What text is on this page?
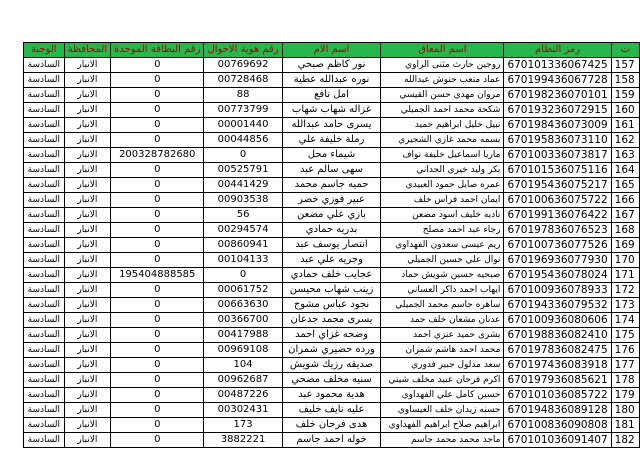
ت	رمز النظام	اسم المعاق	اسم الام	رقم هوية الاحوال	رقم البطاقة الموحدة	المحافظة	الوجبة
157	670101336067425	روجين حارث مثنى الراوي	نور كاظم صبحي	00769692	0	الانبار	السادسة
158	670199436067728	عماد متعب حنوش عبدالله	نوره عبدالله عطية	00728468	0	الانبار	السادسة
159	670198236070101	مروان مهدي حسن القيسي	امل نافع	88	0	الانبار	السادسة
160	670193236072915	شكحة محمد احمد الجميلي	غزاله شهاب شهاب	00773799	0	الانبار	السادسة
161	670198436073009	نبيل خليل ابراهيم حميد	يسرى حامد عبدالله	00001440	0	الانبار	السادسة
162	670195836073110	بسمه محمد غازي الشجيري	رملة خليفة علي	00044856	0	الانبار	السادسة
163	670100336073817	ماريا اسماعيل خليفة نواف	شيماء محل	0	200328782680	الانبار	السادسة
164	670101536075116	بكر وليد خيري الجداني	سهى سالم عبد	00525791	0	الانبار	السادسة
165	670195436075217	عمره صايل حمود العبيدي	حميه جاسم محمد	00441429	0	الانبار	السادسة
166	670100636075722	ايمان احمد فراس خلف	عبير فوزي خضر	00903538	0	الانبار	السادسة
167	670199136076422	ناديه خليف اسود مضعن	بازي علي مضعن	56	0	الانبار	السادسة
168	670197836076523	رجاء عبد احمد مصلح	بدريه حمادي	00294574	0	الانبار	السادسة
169	670100736077526	ريم عيسى سعدون الفهداوي	انتصار يوسف عبد	00860941	0	الانبار	السادسة
170	670196936077930	نوال علي حسين الجميلي	وجريه علي عبد	00104133	0	الانبار	السادسة
171	670195436078024	صبحيه حسين شويش حماد	عجايب خلف حمادي	0	195404888585	الانبار	السادسة
172	670100936078933	ايهاب احمد ذاكر العساني	زينب شهاب محيسن	00061752	0	الانبار	السادسة
173	670194336079532	ساهره جاسم محمد الجميلي	نجود عباس مشوح	00663630	0	الانبار	السادسة
174	670100936080606	عدنان مشعان خلف حمد	يسرى محمد جدعان	00366700	0	الانبار	السادسة
175	670198836082410	بشرى حميد عنزي احمد	وضحه غزاي احمد	00417988	0	الانبار	السادسة
176	670197836082475	محمد احمد هاشم شمران	ورده حضيري شمران	00969108	0	الانبار	السادسة
177	670197436083918	سعد مذلول جبير فدوري	صديقه رزيك شويش	104	0	الانبار	السادسة
178	670197936085621	اكرم فرحان عبيد مخلف شيتي	سنيه مخلف مضحي	00962687	0	الانبار	السادسة
179	670101036085722	حسين كامل علي الفهداوي	هدية محمود عبد	00487226	0	الانبار	السادسة
180	670194836089128	حسنه زيدان خلف العيساوي	عليه نايف خليف	00302431	0	الانبار	السادسة
181	670100836090808	ابراهيم صلاح ابراهيم الفهداوي	هدى فرحان خلف	173	0	الانبار	السادسة
182	670101036091407	ماجد محمد محمد جاسم	خوله احمد جاسم	3882221	0	الانبار	السادسة
